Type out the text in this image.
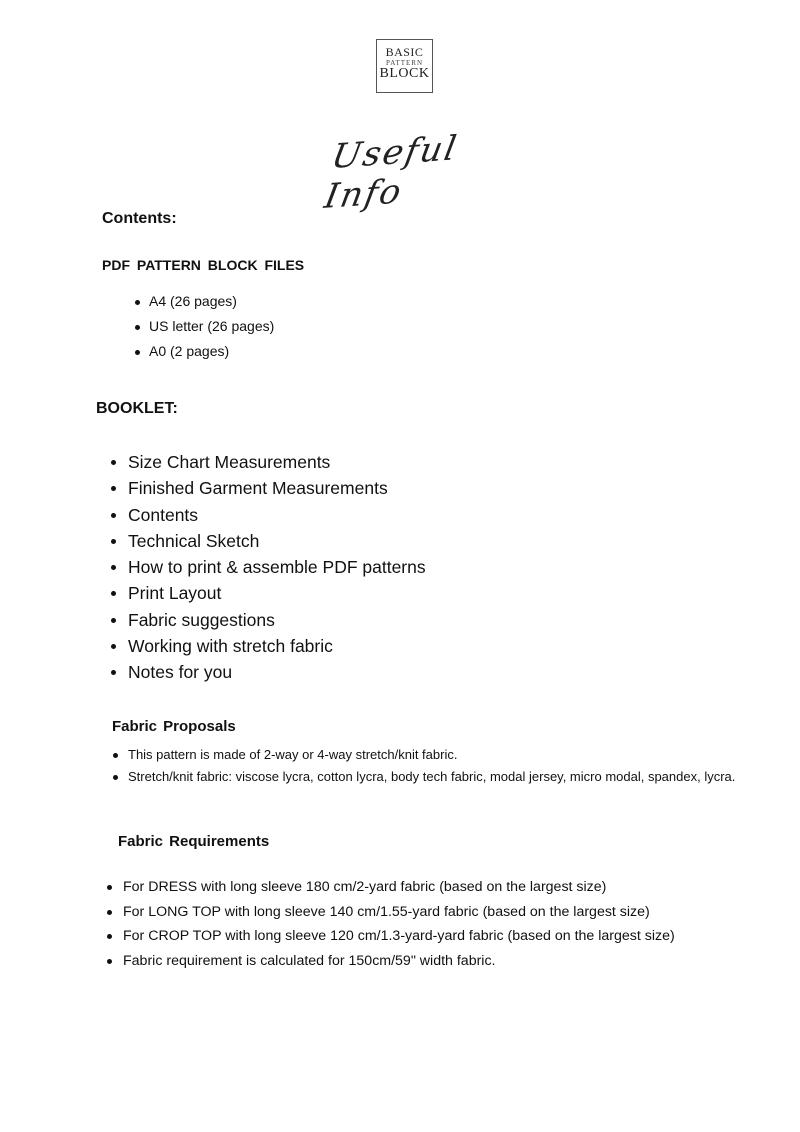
BASIC
PATTERN
BLOCK
Useful Info
Contents:
PDF PATTERN BLOCK FILES
A4 (26 pages)
US letter (26 pages)
A0 (2 pages)
BOOKLET:
Size Chart Measurements
Finished Garment Measurements
Contents
Technical Sketch
How to print & assemble PDF patterns
Print Layout
Fabric suggestions
Working with stretch fabric
Notes for you
Fabric Proposals
This pattern is made of 2-way or 4-way stretch/knit fabric.
Stretch/knit fabric: viscose lycra, cotton lycra, body tech fabric, modal jersey, micro modal, spandex, lycra.
Fabric Requirements
For DRESS with long sleeve 180 cm/2-yard fabric (based on the largest size)
For LONG TOP with long sleeve 140 cm/1.55-yard fabric (based on the largest size)
For CROP TOP with long sleeve 120 cm/1.3-yard-yard fabric (based on the largest size)
Fabric requirement is calculated for 150cm/59" width fabric.
